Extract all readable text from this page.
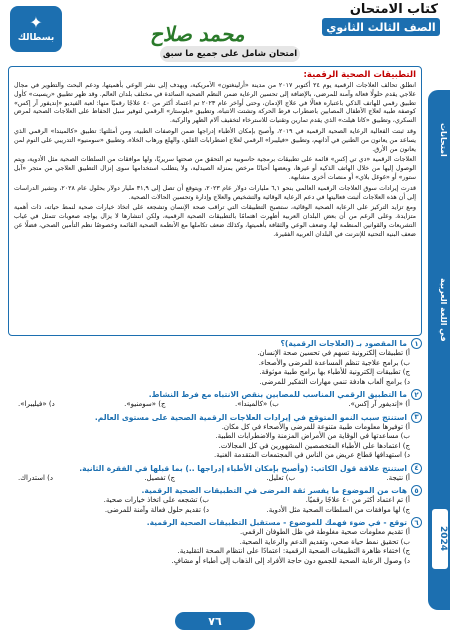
✦
بسطالك
كتاب الامتحان
الصف الثالث الثانوي
محمد صلاح
امتحان شامل على جميع ما سبق
امتحانات
في اللغة العربية
2024
التطبيقات الصحية الرقمية:

انطلق تحالف العلاجات الرقمية يوم ٢٤ أكتوبر ٢٠١٧ من مدينة «أرلينغتون» الأمريكية، ويهدف إلى نشر الوعي بأهميتها، ودعم البحث والتطوير في مجال علاجي يقدم حلولًا فعالة وآمنة للمرضى، بالإضافة إلى تحسين الرعاية ضمن النظم الصحية السائدة في مختلف بلدان العالم. وقد ظهر تطبيق «ريسيت» كأول تطبيق رقمي للهاتف الذكي باعتباره فعالًا في علاج الإدمان، وحتى أواخر عام ٢٠٢٣ تم اعتماد أكثر من ٤٠ علاجًا رقميًا منها: لعبة الفيديو «إنديفور آر إكس» كوصفة طبية لعلاج الأطفال المصابين باضطراب فرط الحركة وتشتت الانتباه، وتطبيق «بلوستار» الرقمي لتوفير سبل الحفاظ على العلاجات الصحية لمرض السكري، وتطبيق «كانا هيلث» الذي يقدم تمارين وتقنيات للاسترخاء لتخفيف آلام الظهر والركبة.

وقد ثبتت الفعالية الرعاية الصحية الرقمية في ٢٠١٩، وأصبح بإمكان الأطباء إدراجها ضمن الوصفات الطبية، ومن أمثلتها: تطبيق «كالميندا» الرقمي الذي يساعد من يعانون من الطنين في آذانهم، وتطبيق «فيليبرا» الرقمي لعلاج اضطرابات القلق، والهلع ورهاب الخلاء، وتطبيق «سومنيو» التدريبي على النوم لمن يعانون من الأرق.

العلاجات الرقمية «دي تي إكس» قائمة على تطبيقات برمجية حاسوبية تم التحقق من صحتها سريريًا، ولها موافقات من السلطات الصحية مثل الأدوية، ويتم الوصول إليها من خلال الهاتف الذكية أو غيرها، وبعضها أحيانًا مرخص بمنزلة الصيدلية، ولا يتطلب استخدامها سوى إنزال التطبيق العلاجي من متجر «آبل ستور» أو «غوغل بلاي» أو منصات أخرى مشابهة.

قدرت إيرادات سوق العلاجات الرقمية العالمي بنحو ٦,١ مليارات دولار عام ٢٠٢٣، ويتوقع أن تصل إلى ٣١,٩ مليار دولار بحلول عام ٢٠٢٨، وتشير الدراسات إلى أن هذه العلاجات أثبتت فعاليتها في دعم الرعاية الوقائية والتشخيص والعلاج وإدارة وتحسين الحالات الصحية.

ومع تزايد التركيز على الرعاية الصحية الوقائية، ستصبح التطبيقات التي تراقب صحة الإنسان وتشجعه على اتخاذ خيارات صحية لنمط حياته، ذات أهمية متزايدة. وعلى الرغم من أن بعض البلدان العربية أظهرت اهتمامًا بالتطبيقات الصحية الرقمية، ولكن انتشارها لا يزال يواجه صعوبات تتمثل في غياب التشريعات والقوانين المنظمة لها، وضعف الوعي والثقافة بأهميتها، وكذلك ضعف تكاملها مع الأنظمة الصحية القائمة وخصوصًا نظم التأمين الصحي، فضلًا عن ضعف البنية التحتية للإنترنت في البلدان العربية الفقيرة.

١
ما المقصود بـ (العلاجات الرقمية)؟
أ) تطبيقات إلكترونية تسهم في تحسين صحة الإنسان.
ب) برامج علاجية تنظم المساعدة للمرضى والأصحاء.
ج) تطبيقات إلكترونية للأطباء بها برامج طبية موثوقة.
د) برامج ألعاب هادفة تنمي مهارات التفكير للمرضى.
٢
ما التطبيق الرقمي المناسب للمصابين بنقص الانتباه مع فرط النشاط.
أ) «إنديفور آر إكس».
ب) «كالميندا».
ج) «سومنيو».
د) «فيليبرا».
٣
استنتج سبب النمو المتوقع في إيرادات العلاجات الرقمية الصحية على مستوى العالم.
أ) توفيرها معلومات طبية متنوعة للمرضى والأصحاء في كل مكان.
ب) مساعدتها في الوقاية من الأمراض المزمنة والاضطرابات الطبية.
ج) اعتمادها على الأطباء المتخصصين المشهورين في كل المجالات.
د) استهدافها قطاع عريض من الناس في المجتمعات المتقدمة الغنية.
٤
استنتج علاقة قول الكاتب: (وأصبح بإمكان الأطباء إدراجها ..) بما قبلها في الفقرة الثانية.
أ) نتيجة.
ب) تعليل.
ج) تفصيل.
د) استدراك.
٥
هات من الموضوع ما يفسر ثقة المرضى في التطبيقات الصحية الرقمية.
أ) تم اعتماد أكثر من ٤٠ علاجًا رقميًا.
ب) تشجعه على اتخاذ خيارات صحية.
ج) لها موافقات من السلطات الصحية مثل الأدوية.
د) تقديم حلول فعالة وآمنة للمرضى.
٦
توقع - في ضوء فهمك للموضوع - مستقبل التطبيقات الصحية الرقمية.
أ) تقديم معلومات صحية مغلوطة في ظل الطوفان الرقمي.
ب) تحقيق نمط حياة صحي، وتقديم الدعم والرعاية الصحية.
ج) اختفاء ظاهرة التطبيقات الصحية الرقمية: اعتمادًا على انتظام الصحة التقليدية.
د) وصول الرعاية الصحية للجميع دون حاجة الأفراد إلى الذهاب إلى أطباء أو مشافٍ.
٧٦
